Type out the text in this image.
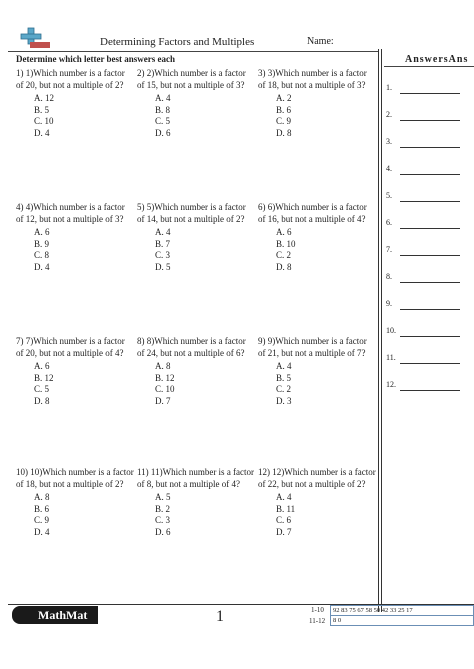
Determining Factors and Multiples	Name:
Determine which letter best answers each	AnswersAns
1) 1)Which number is a factor of 20, but not a multiple of 2?
A. 12
B. 5
C. 10
D. 4
2) 2)Which number is a factor of 15, but not a multiple of 3?
A. 4
B. 8
C. 5
D. 6
3) 3)Which number is a factor of 18, but not a multiple of 3?
A. 2
B. 6
C. 9
D. 8
4) 4)Which number is a factor of 12, but not a multiple of 3?
A. 6
B. 9
C. 8
D. 4
5) 5)Which number is a factor of 14, but not a multiple of 2?
A. 4
B. 7
C. 3
D. 5
6) 6)Which number is a factor of 16, but not a multiple of 4?
A. 6
B. 10
C. 2
D. 8
7) 7)Which number is a factor of 20, but not a multiple of 4?
A. 6
B. 12
C. 5
D. 8
8) 8)Which number is a factor of 24, but not a multiple of 6?
A. 8
B. 12
C. 10
D. 7
9) 9)Which number is a factor of 21, but not a multiple of 7?
A. 4
B. 5
C. 2
D. 3
10) 10)Which number is a factor of 18, but not a multiple of 2?
A. 8
B. 6
C. 9
D. 4
11) 11)Which number is a factor of 8, but not a multiple of 4?
A. 5
B. 2
C. 3
D. 6
12) 12)Which number is a factor of 22, but not a multiple of 2?
A. 4
B. 11
C. 6
D. 7
1.
2.
3.
4.
5.
6.
7.
8.
9.
10.
11.
12.
MathMat	1	1-10 92 83 75 67 58 50 42 33 25 17
11-12 8 0
